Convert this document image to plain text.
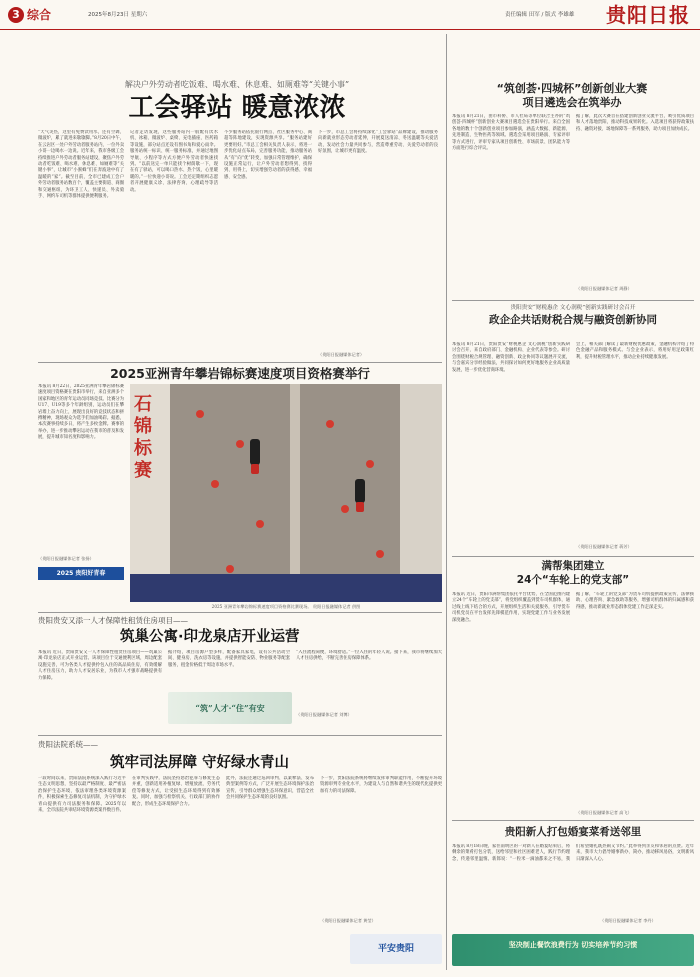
3 综合	2025年8月23日 星期六	责任编辑 田军 / 版式 李雄雄 贵阳日报
解决户外劳动者吃饭难、喝水难、休息难、如厕难等“关键小事”
工会驿站 暖意浓浓
“天气炎热，这里有免费饮用水，还有空调、微波炉，累了就进来歇歇脚。”8月20日中午，在云岩区一处户外劳动者服务站内，一位外卖小哥一边喝水一边说。近年来，我市各级工会持续推进户外劳动者服务站建设，聚焦户外劳动者吃饭难、喝水难、休息难、如厕难等“关键小事”，让城市“小蜜蜂”们在奔波途中有了温暖的“家”。截至目前，全市已建成工会户外劳动者服务站数百个，覆盖主要街道、商圈和交通枢纽，为环卫工人、快递员、外卖骑手、网约车司机等群体提供便利服务。
记者走访发现，这些服务站内一般配有饮水机、冰箱、微波炉、桌椅、充电插座、医药箱等设施，部分站点还设有图书角和爱心雨伞。服务站统一标识、统一服务标准，并通过地图导航、小程序等方式方便户外劳动者快速找到。“以前送完一单只能找个树荫歇一下，现在有了驿站，可以喝口热水、热个饭，心里暖暖的。”一位快递小哥说。工会还定期组织志愿者开展健康义诊、法律咨询、心理疏导等活动。
不少服务站依托银行网点、社区服务中心、商超等阵地建设，实现资源共享。“服务站建好更要用好。”市总工会相关负责人表示，将进一步优化站点布局，完善服务功能，推动服务站从“有”向“优”转变，加强日常管理维护，确保设施正常运行，让户外劳动者想得到、找得到、用得上，切实增强劳动者的获得感、幸福感、安全感。
下一步，市总工会将持续深化“工会驿站”品牌建设，推动服务向新就业形态劳动者延伸，开展夏送清凉、冬送温暖等关爱活动，发动社会力量共同参与，营造尊重劳动、关爱劳动者的良好氛围，让城市更有温度。
（贵阳日报融媒体记者）
2025亚洲青年攀岩锦标赛速度项目资格赛举行
本报讯 8月22日，2025亚洲青年攀岩锦标赛速度项目资格赛在贵阳市举行，来自亚洲多个国家和地区的青年运动员同场竞技。比赛分为U17、U19等多个年龄组别，运动员们在攀岩墙上奋力向上，展现出良好的竞技状态和拼搏精神，现场观众为选手们加油喝彩。据悉，本次赛事持续多日，将产生多枚金牌。赛事的举办，进一步推动攀岩运动在我市的普及和发展，提升城市知名度和影响力。
（贵阳日报融媒体记者 张扬）
2025 贵阳好青春
石锦标赛
2025 亚洲青年攀岩锦标赛速度项目资格赛比赛现场。 贵阳日报融媒体记者 供图
贵阳贵安又添一人才保障性租赁住房项目——
筑巢公寓·印龙泉店开业运营
本报讯 近日，贵阳贵安又一人才保障性租赁住房项目——筑巢公寓·印龙泉店正式开业运营。该项目位于交通便利区域，周边配套设施完善，可为各类人才提供拎包入住的高品质住房，有效缓解人才住房压力，助力人才安居乐业，为我市人才强市战略提供有力保障。
据介绍，项目房源户型多样，配备家具家电，设有公共活动空间、健身房、洗衣房等设施，并提供智能安防、物业服务等配套服务，租金价格低于周边市场水平。
“入住流程简便，环境舒适。”一位入住的年轻人说。接下来，我市将继续加大人才住房供给，不断完善住房保障体系。
（贵阳日报融媒体记者 刘博）
“筑”人才·“住”有安
贵阳法院系统——
筑牢司法屏障 守好绿水青山
一段时间以来，贵阳法院系统深入践行习近平生态文明思想，坚持以最严格制度、最严密法治保护生态环境，依法审理各类环境资源案件，积极探索生态修复司法机制，为守护绿水青山提供有力司法服务和保障。2025年以来，全市法院共审结环境资源类案件数百件。
在审判实践中，法院坚持惩治犯罪与修复生态并重，创新适用补植复绿、增殖放流、劳务代偿等修复方式，让受损生态环境得到有效修复。同时，加强与检察机关、行政部门的协作配合，形成生态环境保护合力。
此外，法院还通过巡回审判、以案释法、发布典型案例等方式，广泛开展生态环境保护法治宣传，引导群众增强生态环保意识，营造全社会共同保护生态环境的良好氛围。
下一步，贵阳法院系统将继续发挥审判职能作用，不断提升环境资源审判专业化水平，为建设人与自然和谐共生的现代化提供更加有力的司法保障。
（贵阳日报融媒体记者 黄莹）
平安贵阳
“筑创荟·四城杯”创新创业大赛
项目遴选会在筑举办
本报讯 8月21日，由市科协、市人社局等单位联合主办的“筑创荟·四城杯”创新创业大赛项目遴选会在贵阳举行。来自全国各地的数十个创新创业项目参加路演，涵盖大数据、新能源、先进制造、生物医药等领域。遴选会采用项目路演、专家评审等方式进行，评审专家从项目创新性、市场前景、团队能力等方面进行综合评议。
据了解，此次大赛旨在搭建创新创业交流平台，吸引优质项目和人才落地贵阳，推动科技成果转化。入选项目将获得政策扶持、融资对接、场地保障等一系列服务，助力项目加快成长。
（贵阳日报融媒体记者 周静）
贵阳贵安“财税惠企 文心润税”创新实践研讨会召开
政企企共话财税合规与融资创新协同
本报讯 8月21日，贵阳贵安“财税惠企 文心润税”创新实践研讨会召开，来自政府部门、金融机构、企业代表等参会。研讨会围绕财税合规管理、融资创新、政企协同等议题展开交流，与会嘉宾分享经验做法，共同探讨如何更好地服务企业高质量发展，进一步优化营商环境。
会上，相关部门解读了最新财税优惠政策，金融机构介绍了特色金融产品和服务模式。与会企业表示，将用好用足政策红利，提升财税管理水平，推动企业持续健康发展。
（贵阳日报融媒体记者 蒋芳）
满帮集团建立
24个“车轮上的党支部”
本报讯 近日，贵阳市满帮集团依托平台优势，在全国范围内建立24个“车轮上的党支部”，将党组织覆盖到货车司机群体，通过线上线下结合的方式，开展组织生活和关爱服务，引导货车司机党员在平台发挥先锋模范作用，实现党建工作与业务发展深度融合。
据了解，“车轮上的党支部”为货车司机提供政策宣传、法律援助、心理咨询、紧急救助等服务，增强司机群体的归属感和获得感，推动新就业形态群体党建工作走深走实。
（贵阳日报融媒体记者 高飞）
贵阳新人打包婚宴菜肴送邻里
本报讯 8月18日晚，家住南明区的一对新人在婚宴结束后，将剩余的菜肴打包分装，送给邻里和社区困难老人，践行节约理念，传递邻里温情。新郎说：“一粒米一滴油都来之不易，我们希望婚礼既热闹又节约。”此举得到亲友和邻居的点赞。近年来，我市大力倡导婚事新办、简办，推动移风易俗，文明新风日渐深入人心。
（贵阳日报融媒体记者 李丹）
坚决制止餐饮浪费行为 切实培养节约习惯
